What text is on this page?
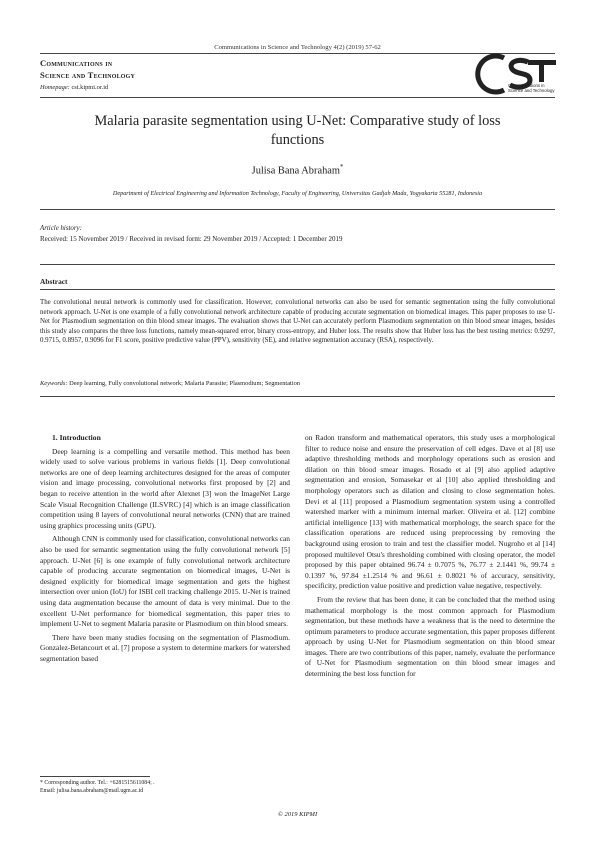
Communications in Science and Technology 4(2) (2019) 57-62
Communications in
Science and Technology
Homepage: cst.kipmi.or.id	Communications in
Science and Technology
Malaria parasite segmentation using U-Net: Comparative study of loss
functions
Julisa Bana Abraham*
Department of Electrical Engineering and Information Technology, Faculty of Engineering, Universitas Gadjah Mada, Yogyakarta 55281, Indonesia
Article history:
Received: 15 November 2019 / Received in revised form: 29 November 2019 / Accepted: 1 December 2019
Abstract
The convolutional neural network is commonly used for classification. However, convolutional networks can also be used for semantic segmentation using the fully convolutional network approach. U-Net is one example of a fully convolutional network architecture capable of producing accurate segmentation on biomedical images. This paper proposes to use U-Net for Plasmodium segmentation on thin blood smear images. The evaluation shows that U-Net can accurately perform Plasmodium segmentation on thin blood smear images, besides this study also compares the three loss functions, namely mean-squared error, binary cross-entropy, and Huber loss. The results show that Huber loss has the best testing metrics: 0.9297, 0.9715, 0.8957, 0.9096 for F1 score, positive predictive value (PPV), sensitivity (SE), and relative segmentation accuracy (RSA), respectively.
Keywords: Deep learning, Fully convolutional network; Malaria Parasite; Plasmodium; Segmentation

1. Introduction

Deep learning is a compelling and versatile method. This method has been widely used to solve various problems in various fields [1]. Deep convolutional networks are one of deep learning architectures designed for the areas of computer vision and image processing, convolutional networks first proposed by [2] and began to receive attention in the world after Alexnet [3] won the ImageNet Large Scale Visual Recognition Challenge (ILSVRC) [4] which is an image classification competition using 8 layers of convolutional neural networks (CNN) that are trained using graphics processing units (GPU).

Although CNN is commonly used for classification, convolutional networks can also be used for semantic segmentation using the fully convolutional network [5] approach. U-Net [6] is one example of fully convolutional network architecture capable of producing accurate segmentation on biomedical images, U-Net is designed explicitly for biomedical image segmentation and gets the highest intersection over union (IoU) for ISBI cell tracking challenge 2015. U-Net is trained using data augmentation because the amount of data is very minimal. Due to the excellent U-Net performance for biomedical segmentation, this paper tries to implement U-Net to segment Malaria parasite or Plasmodium on thin blood smears.

There have been many studies focusing on the segmentation of Plasmodium. Gonzalez-Betancourt et al. [7] propose a system to determine markers for watershed segmentation based

on Radon transform and mathematical operators, this study uses a morphological filter to reduce noise and ensure the preservation of cell edges. Dave et al [8] use adaptive thresholding methods and morphology operations such as erosion and dilation on thin blood smear images. Rosado et al [9] also applied adaptive segmentation and erosion, Somasekar et al [10] also applied thresholding and morphology operators such as dilation and closing to close segmentation holes. Devi et al [11] proposed a Plasmodium segmentation system using a controlled watershed marker with a minimum internal marker. Oliveira et al. [12] combine artificial intelligence [13] with mathematical morphology, the search space for the classification operations are reduced using preprocessing by removing the background using erosion to train and test the classifier model. Nugroho et al [14] proposed multilevel Otsu's thresholding combined with closing operator, the model proposed by this paper obtained 96.74 ± 0.7075 %, 76.77 ± 2.1441 %, 99.74 ± 0.1397 %, 97.84 ±1.2514 % and 96.61 ± 0.8021 % of accuracy, sensitivity, specificity, prediction value positive and prediction value negative, respectively.

From the review that has been done, it can be concluded that the method using mathematical morphology is the most common approach for Plasmodium segmentation, but these methods have a weakness that is the need to determine the optimum parameters to produce accurate segmentation, this paper proposes different approach by using U-Net for Plasmodium segmentation on thin blood smear images. There are two contributions of this paper, namely, evaluate the performance of U-Net for Plasmodium segmentation on thin blood smear images and determining the best loss function for

* Corresponding author. Tel.: +6281515611084; .
Email: julisa.bana.abraham@mail.ugm.ac.id
© 2019 KIPMI
